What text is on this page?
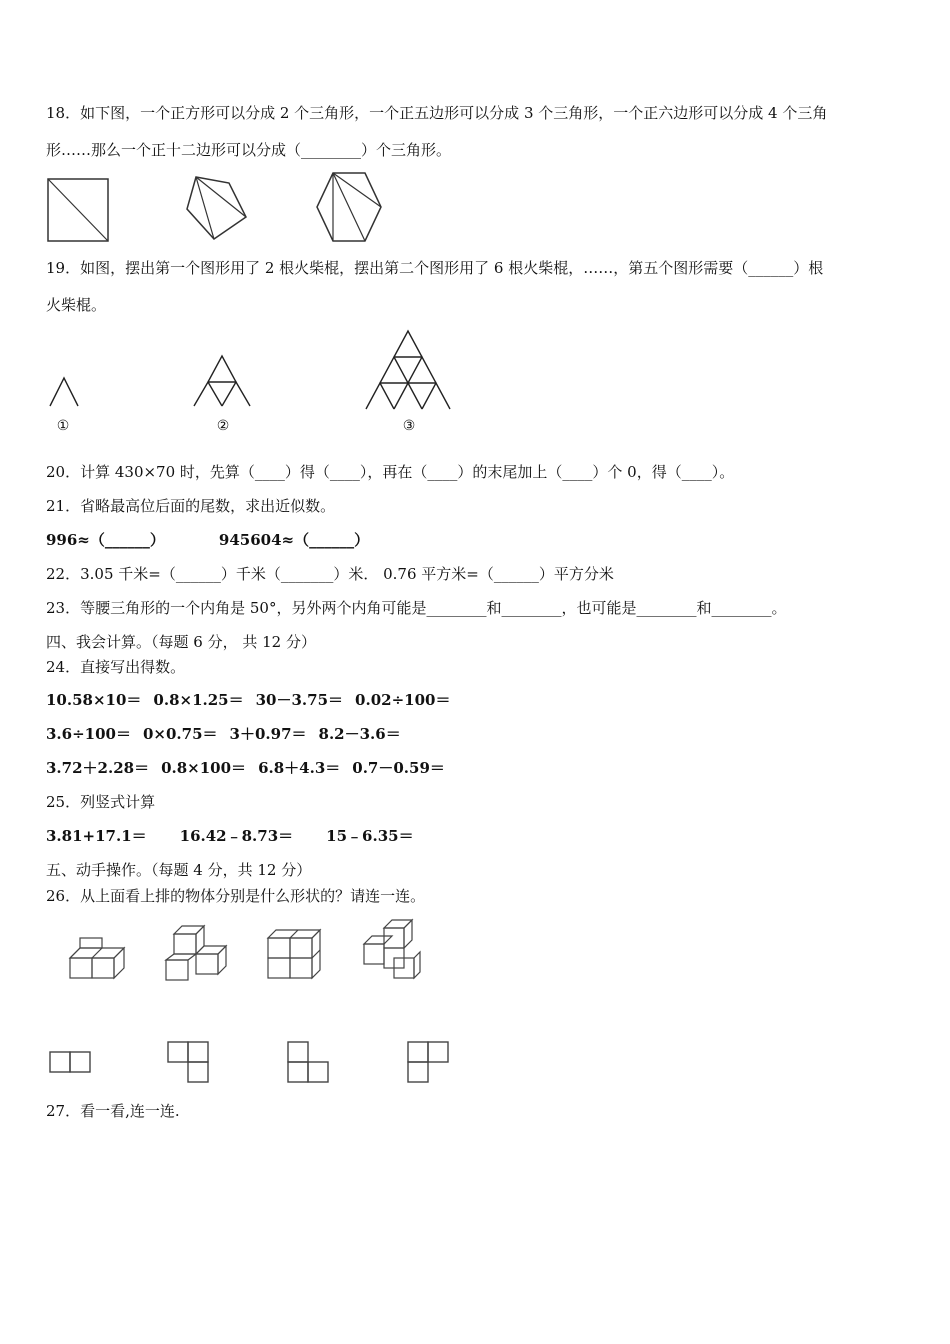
18．如下图，一个正方形可以分成 2 个三角形，一个正五边形可以分成 3 个三角形，一个正六边形可以分成 4 个三角
形……那么一个正十二边形可以分成（________）个三角形。
19．如图，摆出第一个图形用了 2 根火柴棍，摆出第二个图形用了 6 根火柴棍，……，第五个图形需要（______）根
火柴棍。
①	②	③
20．计算 430×70 时，先算（____）得（____），再在（____）的末尾加上（____）个 0，得（____）。
21．省略最高位后面的尾数，求出近似数。
996≈（______）	945604≈（______）
22．3.05 千米=（______）千米（_______）米． 0.76 平方米=（______）平方分米
23．等腰三角形的一个内角是 50°，另外两个内角可能是________和________，也可能是________和________。
四、我会计算。（每题 6 分， 共 12 分）
24．直接写出得数。
10.58×10＝ 0.8×1.25＝ 30－3.75＝ 0.02÷100＝
3.6÷100＝ 0×0.75＝ 3＋0.97＝ 8.2－3.6＝
3.72＋2.28＝ 0.8×100＝ 6.8＋4.3＝ 0.7－0.59＝
25．列竖式计算
3.81+17.1＝ 16.42﹣8.73＝ 15﹣6.35＝
五、动手操作。（每题 4 分，共 12 分）
26．从上面看上排的物体分别是什么形状的？请连一连。
27．看一看,连一连.
